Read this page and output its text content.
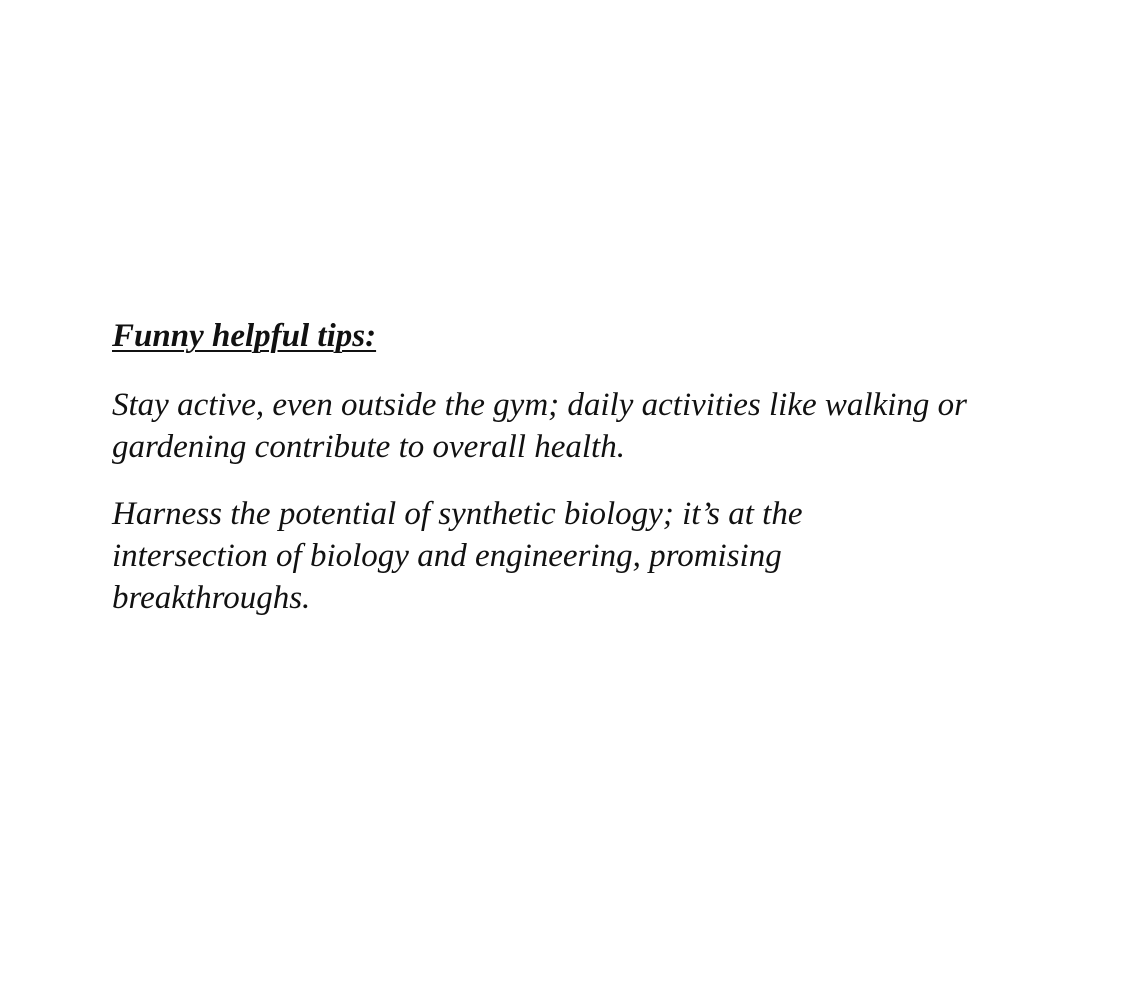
Funny helpful tips:

Stay active, even outside the gym; daily activities like walking or gardening contribute to overall health.

Harness the potential of synthetic biology; it’s at the intersection of biology and engineering, promising breakthroughs.
